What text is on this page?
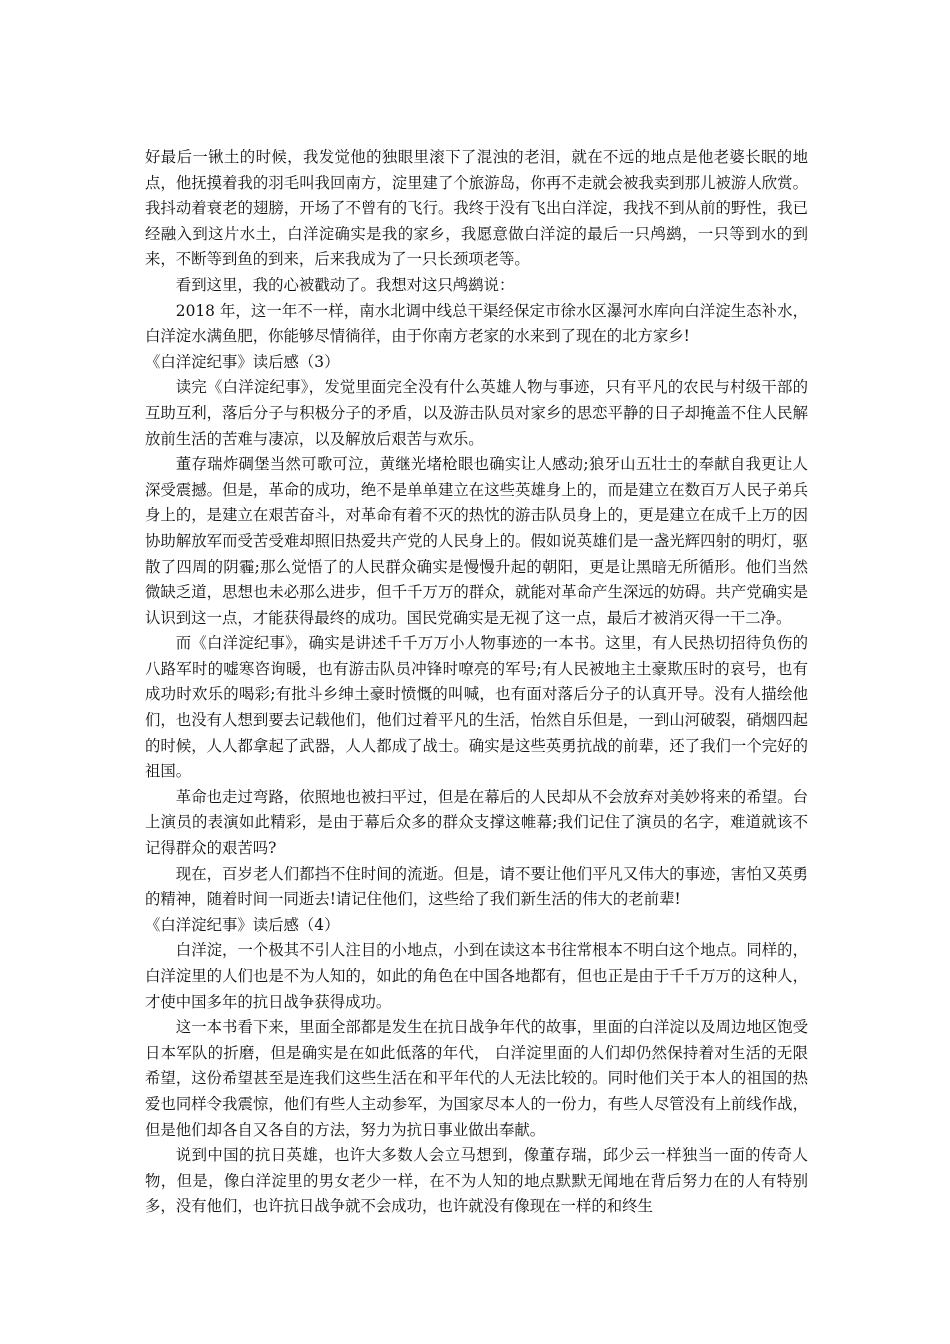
好最后一锹土的时候，我发觉他的独眼里滚下了混浊的老泪，就在不远的地点是他老婆长眠的地点，他抚摸着我的羽毛叫我回南方，淀里建了个旅游岛，你再不走就会被我卖到那儿被游人欣赏。我抖动着衰老的翅膀，开场了不曾有的飞行。我终于没有飞出白洋淀，我找不到从前的野性，我已经融入到这片水土，白洋淀确实是我的家乡，我愿意做白洋淀的最后一只鸬鹚，一只等到水的到来，不断等到鱼的到来，后来我成为了一只长颈项老等。

看到这里，我的心被戳动了。我想对这只鸬鹚说：

2018 年，这一年不一样，南水北调中线总干渠经保定市徐水区瀑河水库向白洋淀生态补水，白洋淀水满鱼肥，你能够尽情徜徉，由于你南方老家的水来到了现在的北方家乡!

《白洋淀纪事》读后感（3）

读完《白洋淀纪事》，发觉里面完全没有什么英雄人物与事迹，只有平凡的农民与村级干部的互助互利，落后分子与积极分子的矛盾，以及游击队员对家乡的思恋平静的日子却掩盖不住人民解放前生活的苦难与凄凉，以及解放后艰苦与欢乐。

董存瑞炸碉堡当然可歌可泣，黄继光堵枪眼也确实让人感动;狼牙山五壮士的奉献自我更让人深受震撼。但是，革命的成功，绝不是单单建立在这些英雄身上的，而是建立在数百万人民子弟兵身上的，是建立在艰苦奋斗，对革命有着不灭的热忱的游击队员身上的，更是建立在成千上万的因协助解放军而受苦受难却照旧热爱共产党的人民身上的。假如说英雄们是一盏光辉四射的明灯，驱散了四周的阴霾;那么觉悟了的人民群众确实是慢慢升起的朝阳，更是让黑暗无所循形。他们当然微缺乏道，思想也未必那么进步，但千千万万的群众，就能对革命产生深远的妨碍。共产党确实是认识到这一点，才能获得最终的成功。国民党确实是无视了这一点，最后才被消灭得一干二净。

而《白洋淀纪事》，确实是讲述千千万万小人物事迹的一本书。这里，有人民热切招待负伤的八路军时的嘘寒咨询暖，也有游击队员冲锋时嘹亮的军号;有人民被地主土豪欺压时的哀号，也有成功时欢乐的喝彩;有批斗乡绅土豪时愤慨的叫喊，也有面对落后分子的认真开导。没有人描绘他们，也没有人想到要去记载他们，他们过着平凡的生活，怡然自乐但是，一到山河破裂，硝烟四起的时候，人人都拿起了武器，人人都成了战士。确实是这些英勇抗战的前辈，还了我们一个完好的祖国。

革命也走过弯路，依照地也被扫平过，但是在幕后的人民却从不会放弃对美妙将来的希望。台上演员的表演如此精彩，是由于幕后众多的群众支撑这帷幕;我们记住了演员的名字，难道就该不记得群众的艰苦吗?

现在，百岁老人们都挡不住时间的流逝。但是，请不要让他们平凡又伟大的事迹，害怕又英勇的精神，随着时间一同逝去!请记住他们，这些给了我们新生活的伟大的老前辈!

《白洋淀纪事》读后感（4）

白洋淀，一个极其不引人注目的小地点，小到在读这本书往常根本不明白这个地点。同样的，白洋淀里的人们也是不为人知的，如此的角色在中国各地都有，但也正是由于千千万万的这种人，才使中国多年的抗日战争获得成功。

这一本书看下来，里面全部都是发生在抗日战争年代的故事，里面的白洋淀以及周边地区饱受日本军队的折磨，但是确实是在如此低落的年代， 白洋淀里面的人们却仍然保持着对生活的无限希望，这份希望甚至是连我们这些生活在和平年代的人无法比较的。同时他们关于本人的祖国的热爱也同样令我震惊，他们有些人主动参军，为国家尽本人的一份力，有些人尽管没有上前线作战，但是他们却各自又各自的方法，努力为抗日事业做出奉献。

说到中国的抗日英雄，也许大多数人会立马想到，像董存瑞，邱少云一样独当一面的传奇人物，但是，像白洋淀里的男女老少一样，在不为人知的地点默默无闻地在背后努力在的人有特别多，没有他们，也许抗日战争就不会成功，也许就没有像现在一样的和终生
